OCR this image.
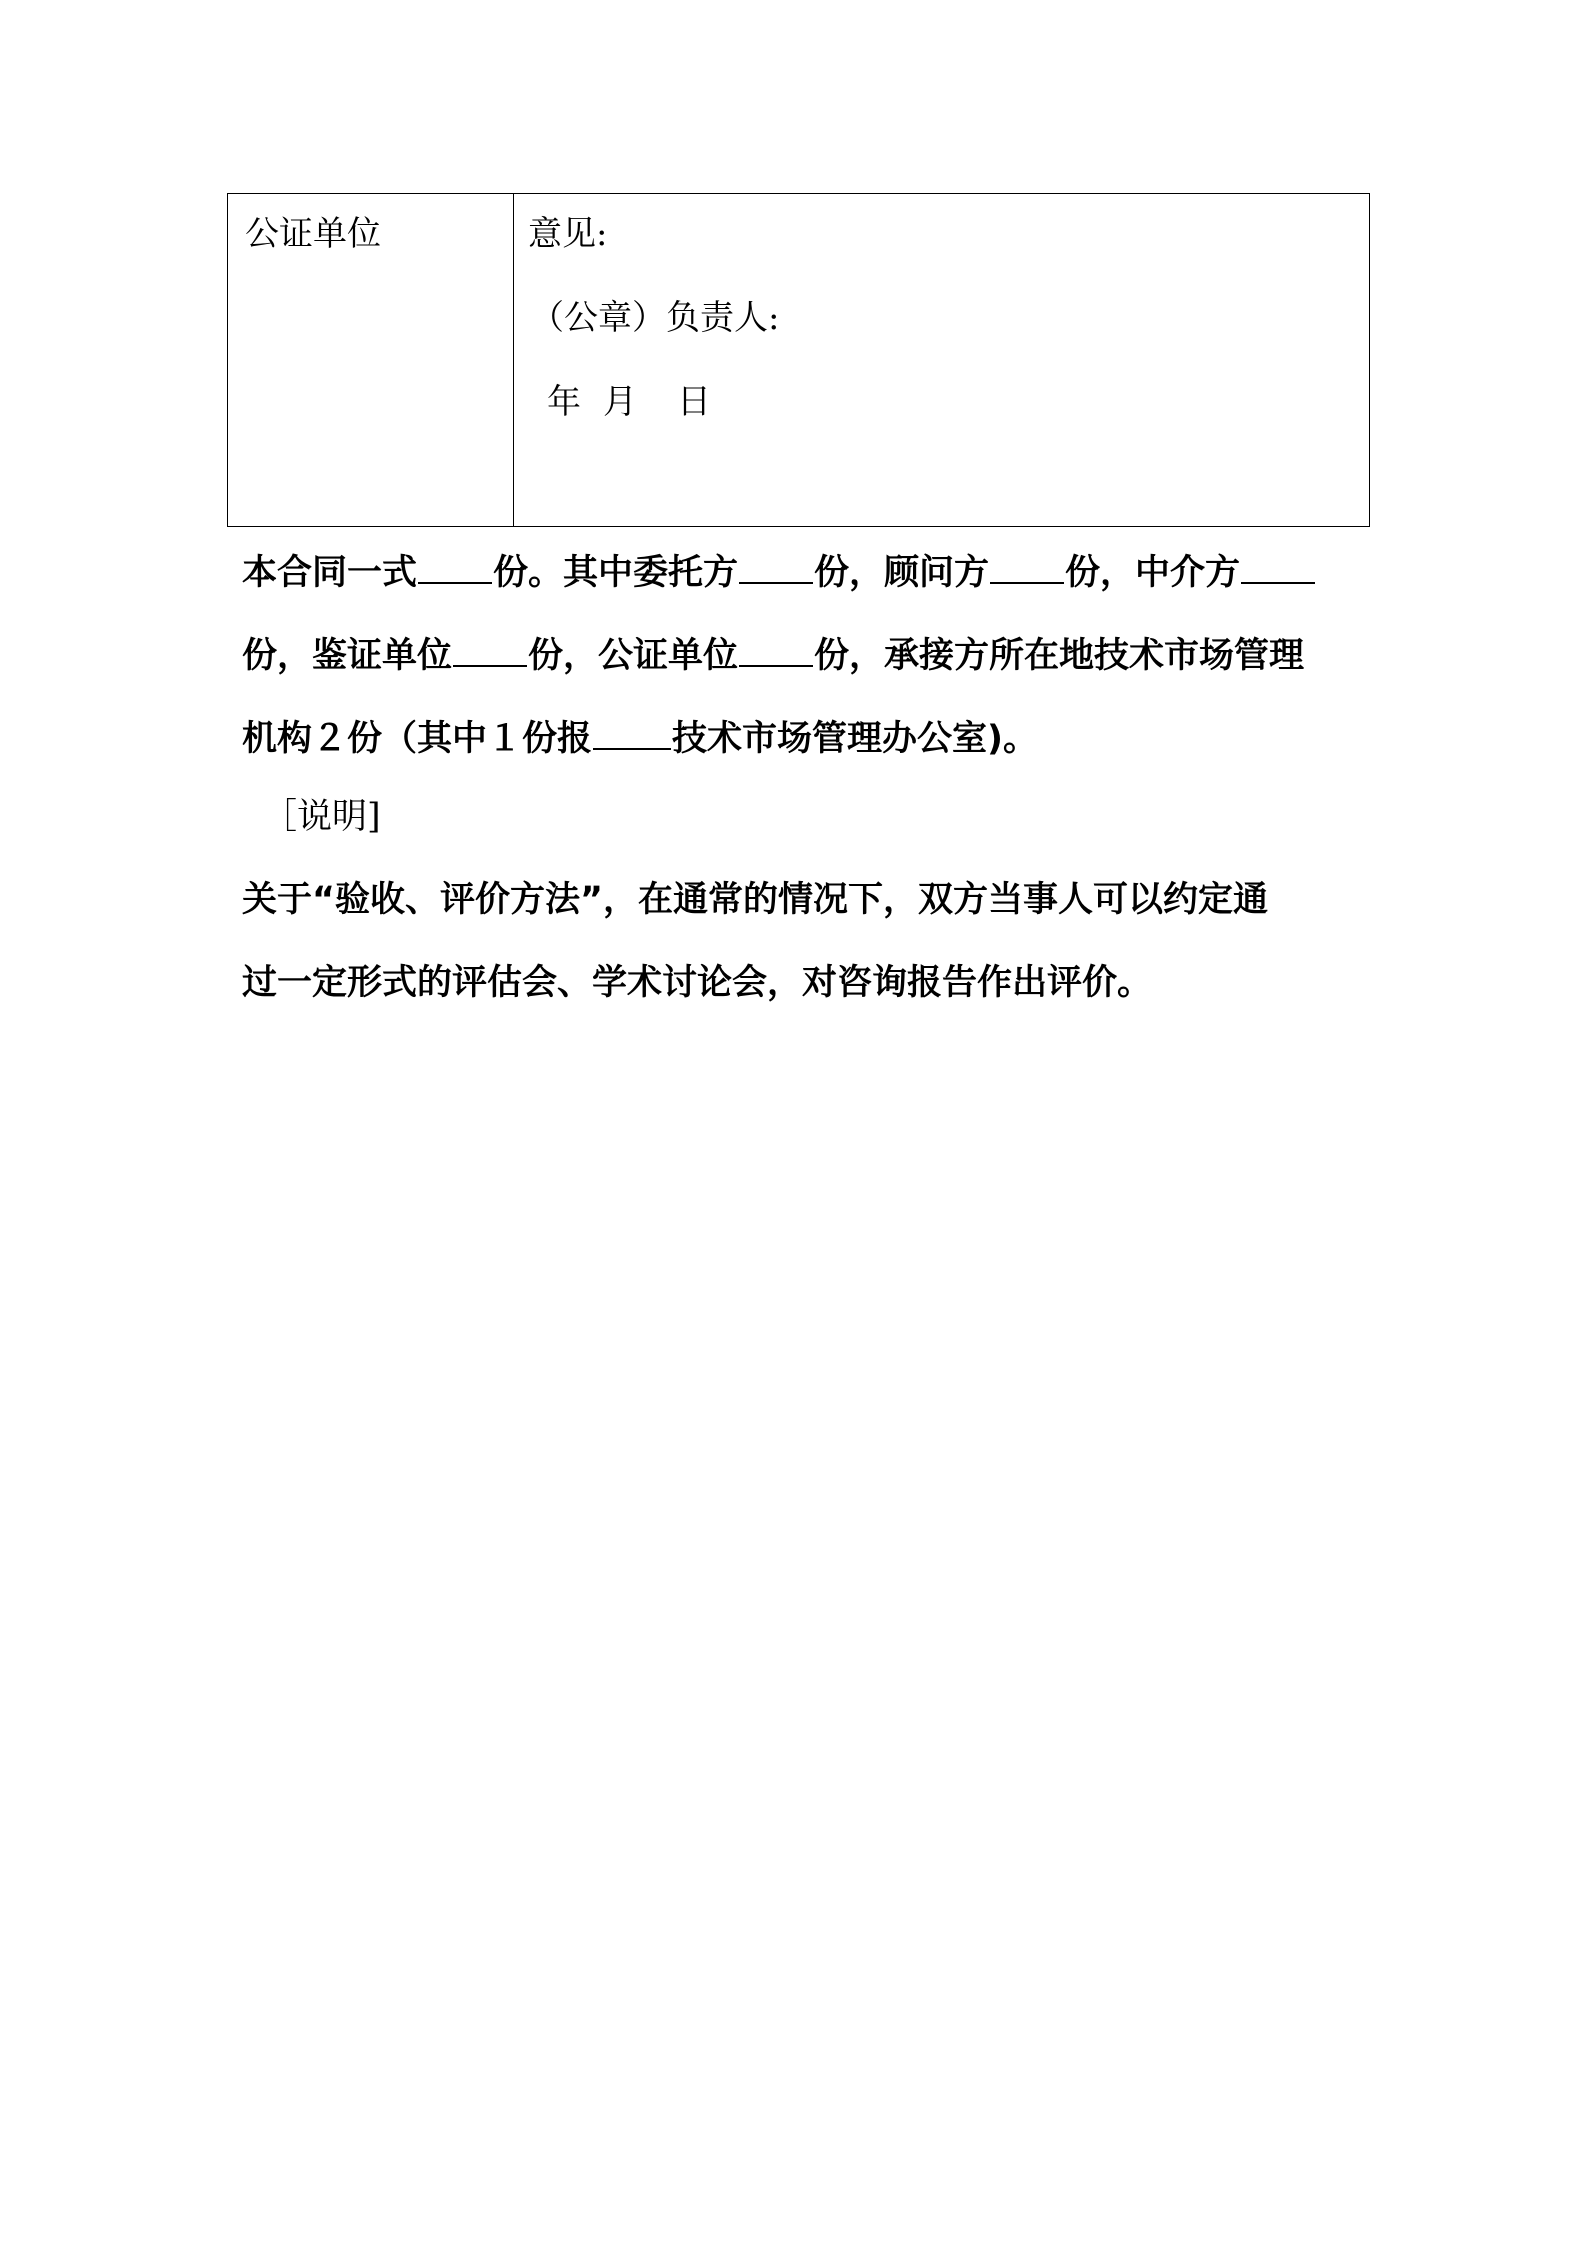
公证单位	意见:
（公章）负责人:
年 月 日
本合同一式 份。其中委托方 份，顾问方 份，中介方
份，鉴证单位 份，公证单位 份，承接方所在地技术市场管理
机构２份（其中１份报 技术市场管理办公室)。
［说明]
关于“验收、评价方法”，在通常的情况下，双方当事人可以约定通
过一定形式的评估会、学术讨论会，对咨询报告作出评价。
